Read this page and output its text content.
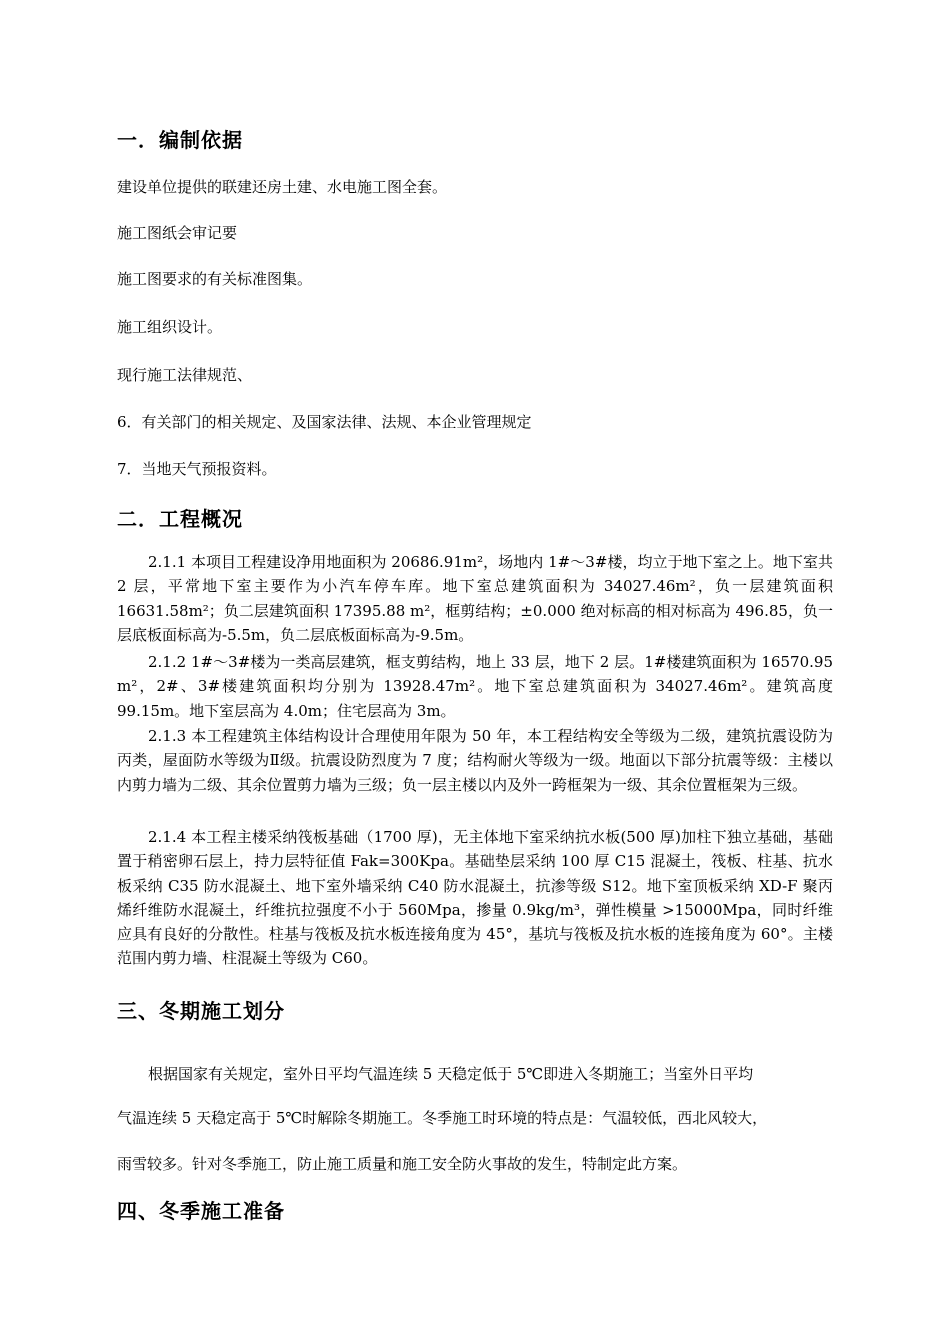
一．编制依据
建设单位提供的联建还房土建、水电施工图全套。
施工图纸会审记要
施工图要求的有关标准图集。
施工组织设计。
现行施工法律规范、
6．有关部门的相关规定、及国家法律、法规、本企业管理规定
7．当地天气预报资料。
二．工程概况
2.1.1 本项目工程建设净用地面积为 20686.91m²，场地内 1#～3#楼，均立于地下室之上。地下室共 2 层，平常地下室主要作为小汽车停车库。地下室总建筑面积为 34027.46m²，负一层建筑面积 16631.58m²；负二层建筑面积 17395.88 m²，框剪结构；±0.000 绝对标高的相对标高为 496.85，负一层底板面标高为-5.5m，负二层底板面标高为-9.5m。
2.1.2 1#～3#楼为一类高层建筑，框支剪结构，地上 33 层，地下 2 层。1#楼建筑面积为 16570.95 m²，2#、3#楼建筑面积均分别为 13928.47m²。地下室总建筑面积为 34027.46m²。建筑高度 99.15m。地下室层高为 4.0m；住宅层高为 3m。
2.1.3 本工程建筑主体结构设计合理使用年限为 50 年，本工程结构安全等级为二级，建筑抗震设防为丙类，屋面防水等级为Ⅱ级。抗震设防烈度为 7 度；结构耐火等级为一级。地面以下部分抗震等级：主楼以内剪力墙为二级、其余位置剪力墙为三级；负一层主楼以内及外一跨框架为一级、其余位置框架为三级。
2.1.4 本工程主楼采纳筏板基础（1700 厚)，无主体地下室采纳抗水板(500 厚)加柱下独立基础，基础置于稍密卵石层上，持力层特征值 Fak=300Kpa。基础垫层采纳 100 厚 C15 混凝土，筏板、柱基、抗水板采纳 C35 防水混凝土、地下室外墙采纳 C40 防水混凝土，抗渗等级 S12。地下室顶板采纳 XD-F 聚丙烯纤维防水混凝土，纤维抗拉强度不小于 560Mpa，掺量 0.9kg/m³，弹性模量 >15000Mpa，同时纤维应具有良好的分散性。柱基与筏板及抗水板连接角度为 45°，基坑与筏板及抗水板的连接角度为 60°。主楼范围内剪力墙、柱混凝土等级为 C60。
三、冬期施工划分
根据国家有关规定，室外日平均气温连续 5 天稳定低于 5℃即进入冬期施工；当室外日平均
气温连续 5 天稳定高于 5℃时解除冬期施工。冬季施工时环境的特点是：气温较低，西北风较大，
雨雪较多。针对冬季施工，防止施工质量和施工安全防火事故的发生，特制定此方案。
四、冬季施工准备
